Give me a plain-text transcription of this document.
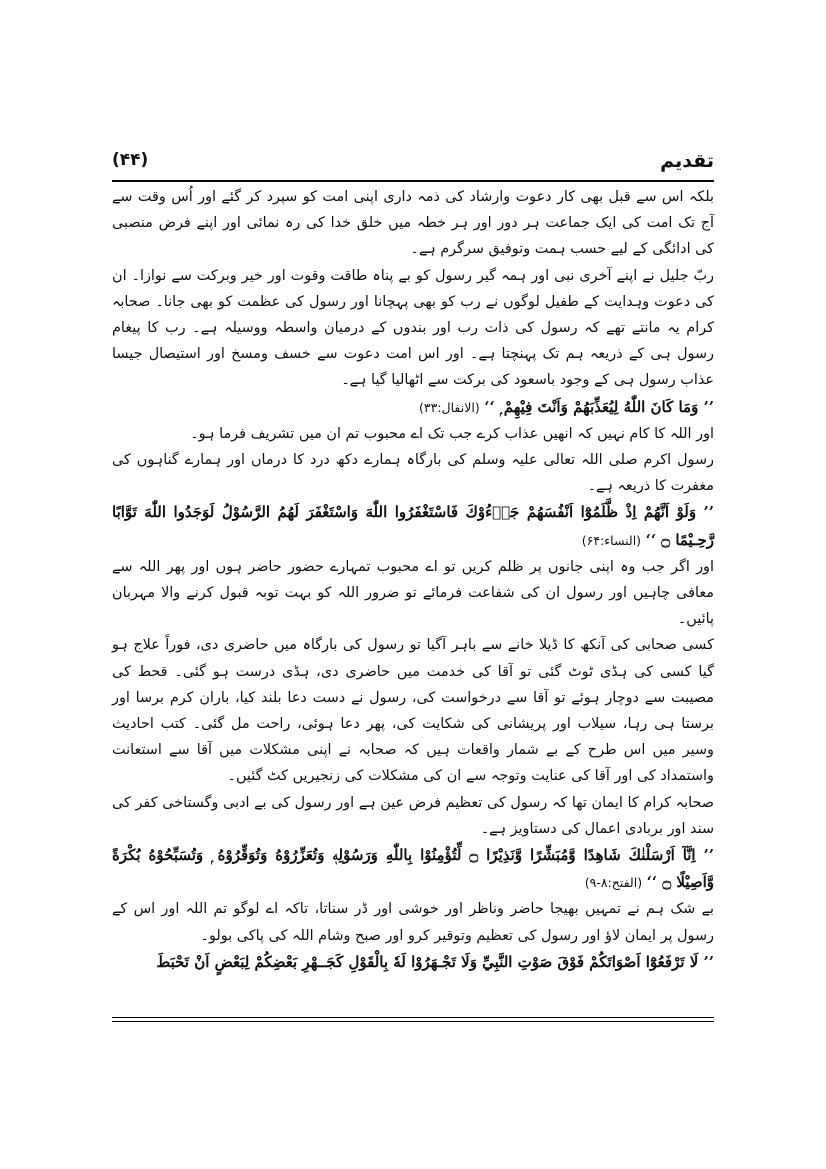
تقدیم
(۴۴)

بلکہ اس سے قبل بھی کار دعوت وارشاد کی ذمہ داری اپنی امت کو سپرد کر گئے اور اُس وقت سے آج تک امت کی ایک جماعت ہر دور اور ہر خطہ میں خلق خدا کی رہ نمائی اور اپنے فرض منصبی کی ادائگی کے لیے حسب ہمت وتوفیق سرگرم ہے۔

ربّ جلیل نے اپنے آخری نبی اور ہمہ گیر رسول کو بے پناہ طاقت وقوت اور خیر وبرکت سے نوازا۔ ان کی دعوت وہدایت کے طفیل لوگوں نے رب کو بھی پہچانا اور رسول کی عظمت کو بھی جانا۔ صحابہ کرام یہ مانتے تھے کہ رسول کی ذات رب اور بندوں کے درمیان واسطہ ووسیلہ ہے۔ رب کا پیغام رسول ہی کے ذریعہ ہم تک پہنچتا ہے۔ اور اس امت دعوت سے خسف ومسخ اور استیصال جیسا عذاب رسول ہی کے وجود باسعود کی برکت سے اٹھالیا گیا ہے۔

’’ وَمَا كَانَ اللّٰهُ لِيُعَذِّبَهُمْ وَاَنْتَ فِيْهِمْ ۭ ‘‘ (الانفال:۳۳)

اور اللہ کا کام نہیں کہ انھیں عذاب کرے جب تک اے محبوب تم ان میں تشریف فرما ہو۔

رسول اکرم صلی اللہ تعالی علیہ وسلم کی بارگاہ ہمارے دکھ درد کا درماں اور ہمارے گناہوں کی مغفرت کا ذریعہ ہے۔

’’ وَلَوْ اَنَّهُمْ اِذْ ظَّلَمُوْٓا اَنْفُسَهُمْ جَاۗءُوْكَ فَاسْتَغْفَرُوا اللّٰهَ وَاسْتَغْفَرَ لَهُمُ الرَّسُوْلُ لَوَجَدُوا اللّٰهَ تَوَّابًا رَّحِـيْمًا ۝ ‘‘ (النساء:۶۴)

اور اگر جب وہ اپنی جانوں پر ظلم کریں تو اے محبوب تمہارے حضور حاضر ہوں اور پھر اللہ سے معافی چاہیں اور رسول ان کی شفاعت فرمائے تو ضرور اللہ کو بہت توبہ قبول کرنے والا مہربان پائیں۔

کسی صحابی کی آنکھ کا ڈیلا خانے سے باہر آگیا تو رسول کی بارگاہ میں حاضری دی، فوراً علاج ہو گیا کسی کی ہڈی ٹوٹ گئی تو آقا کی خدمت میں حاضری دی، ہڈی درست ہو گئی۔ قحط کی مصیبت سے دوچار ہوئے تو آقا سے درخواست کی، رسول نے دست دعا بلند کیا، باران کرم برسا اور برستا ہی رہا، سیلاب اور پریشانی کی شکایت کی، پھر دعا ہوئی، راحت مل گئی۔ کتب احادیث وسیر میں اس طرح کے بے شمار واقعات ہیں کہ صحابہ نے اپنی مشکلات میں آقا سے استعانت واستمداد کی اور آقا کی عنایت وتوجہ سے ان کی مشکلات کی زنجیریں کٹ گئیں۔

صحابہ کرام کا ایمان تھا کہ رسول کی تعظیم فرض عین ہے اور رسول کی بے ادبی وگستاخی کفر کی سند اور بربادی اعمال کی دستاویز ہے۔

’’ اِنَّآ اَرْسَلْنٰكَ شَاهِدًا وَّمُبَشِّرًا وَّنَذِيْرًا ۝ لِّتُؤْمِنُوْا بِاللّٰهِ وَرَسُوْلِهٖ وَتُعَزِّرُوْهُ وَتُوَقِّرُوْهُ ۭ وَتُسَبِّحُوْهُ بُكْرَةً وَّاَصِيْلًا ۝ ‘‘ (الفتح:۸-۹)

بے شک ہم نے تمہیں بھیجا حاضر وناظر اور خوشی اور ڈر سناتا، تاکہ اے لوگو تم اللہ اور اس کے رسول پر ایمان لاؤ اور رسول کی تعظیم وتوقیر کرو اور صبح وشام اللہ کی پاکی بولو۔

’’ لَا تَرْفَعُوْٓا اَصْوَاتَكُمْ فَوْقَ صَوْتِ النَّبِيِّ وَلَا تَجْـهَرُوْا لَهٗ بِالْقَوْلِ كَجَــهْرِ بَعْضِكُمْ لِبَعْضٍ اَنْ تَحْبَطَ
